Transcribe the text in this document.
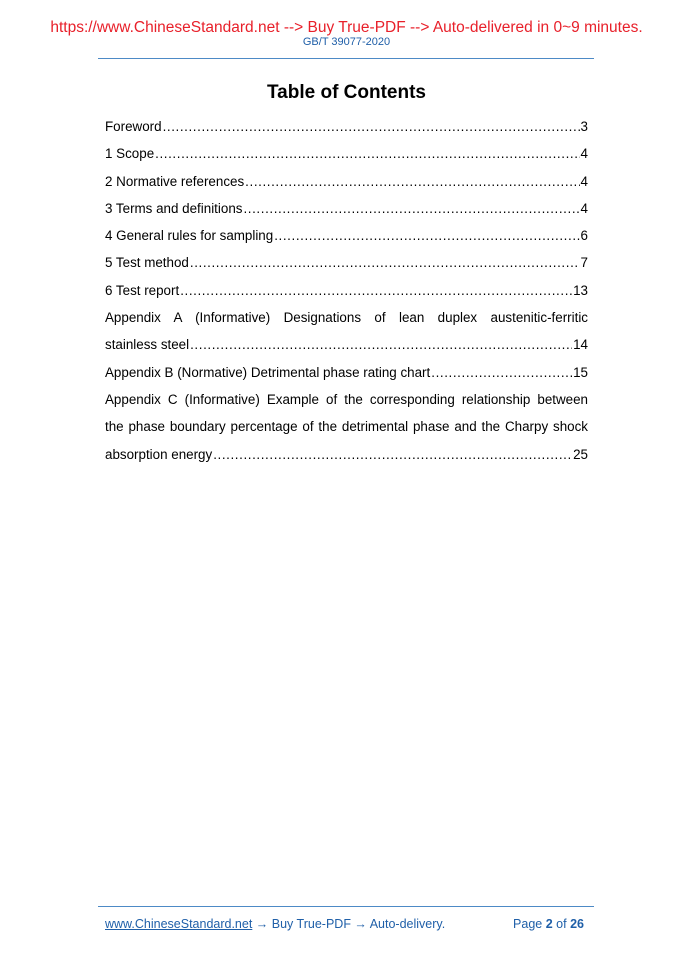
https://www.ChineseStandard.net --> Buy True-PDF --> Auto-delivered in 0~9 minutes.
GB/T 39077-2020
Table of Contents
Foreword .....	3
1 Scope .....	4
2 Normative references .....	4
3 Terms and definitions .....	4
4 General rules for sampling .....	6
5 Test method .....	7
6 Test report .....	13
Appendix A (Informative) Designations of lean duplex austenitic-ferritic
stainless steel .....	14
Appendix B (Normative) Detrimental phase rating chart .....	15
Appendix C (Informative) Example of the corresponding relationship between
the phase boundary percentage of the detrimental phase and the Charpy shock
absorption energy .....	25
www.ChineseStandard.net → Buy True-PDF → Auto-delivery.	Page 2 of 26
